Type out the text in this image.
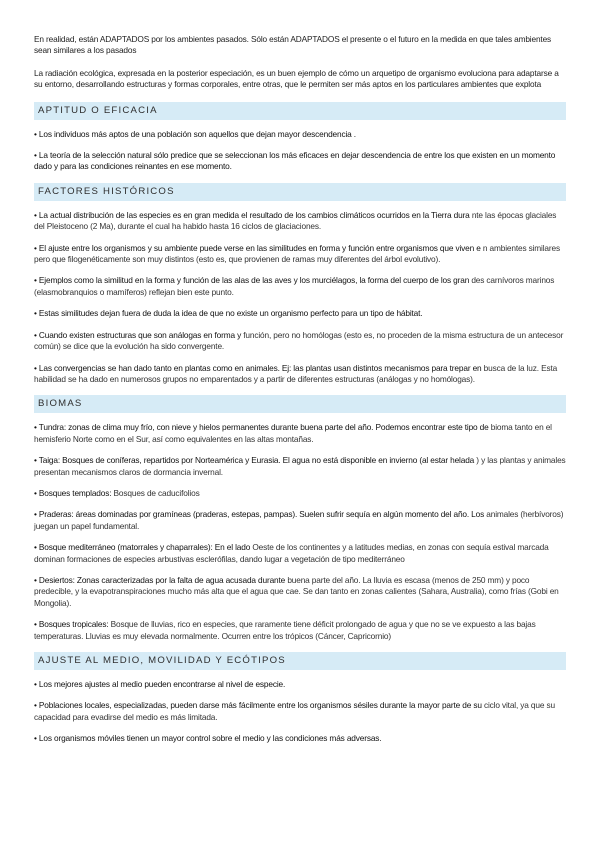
En realidad, están ADAPTADOS por los ambientes pasados. Sólo están ADAPTADOS el presente o el futuro en la medida en que tales ambientes sean similares a los pasados

La radiación ecológica, expresada en la posterior especiación, es un buen ejemplo de cómo un arquetipo de organismo evoluciona para adaptarse a su entorno, desarrollando estructuras y formas corporales, entre otras, que le permiten ser más aptos en los particulares ambientes que explota

APTITUD O EFICACIA

• Los individuos más aptos de una población son aquellos que dejan mayor descendencia .

• La teoría de la selección natural sólo predice que se seleccionan los más eficaces en dejar descendencia de entre los que existen en un momento dado y para las condiciones reinantes en ese momento.

FACTORES HISTÓRICOS

• La actual distribución de las especies es en gran medida el resultado de los cambios climáticos ocurridos en la Tierra dura nte las épocas glaciales del Pleistoceno (2 Ma), durante el cual ha habido hasta 16 ciclos de glaciaciones.

• El ajuste entre los organismos y su ambiente puede verse en las similitudes en forma y función entre organismos que viven e n ambientes similares pero que filogenéticamente son muy distintos (esto es, que provienen de ramas muy diferentes del árbol evolutivo).

• Ejemplos como la similitud en la forma y función de las alas de las aves y los murciélagos, la forma del cuerpo de los gran des carnívoros marinos (elasmobranquios o mamíferos) reflejan bien este punto.

• Estas similitudes dejan fuera de duda la idea de que no existe un organismo perfecto para un tipo de hábitat.

• Cuando existen estructuras que son análogas en forma y función, pero no homólogas (esto es, no proceden de la misma estructura de un antecesor común) se dice que la evolución ha sido convergente.

• Las convergencias se han dado tanto en plantas como en animales. Ej: las plantas usan distintos mecanismos para trepar en busca de la luz. Esta habilidad se ha dado en numerosos grupos no emparentados y a partir de diferentes estructuras (análogas y no homólogas).

BIOMAS

• Tundra: zonas de clima muy frío, con nieve y hielos permanentes durante buena parte del año. Podemos encontrar este tipo de bioma tanto en el hemisferio Norte como en el Sur, así como equivalentes en las altas montañas.

• Taiga: Bosques de coníferas, repartidos por Norteamérica y Eurasia. El agua no está disponible en invierno (al estar helada ) y las plantas y animales presentan mecanismos claros de dormancia invernal.

• Bosques templados: Bosques de caducifolios

• Praderas: áreas dominadas por gramíneas (praderas, estepas, pampas). Suelen sufrir sequía en algún momento del año. Los animales (herbívoros) juegan un papel fundamental.

• Bosque mediterráneo (matorrales y chaparrales): En el lado Oeste de los continentes y a latitudes medias, en zonas con sequía estival marcada dominan formaciones de especies arbustivas esclerófilas, dando lugar a vegetación de tipo mediterráneo

• Desiertos: Zonas caracterizadas por la falta de agua acusada durante buena parte del año. La lluvia es escasa (menos de 250 mm) y poco predecible, y la evapotranspiraciones mucho más alta que el agua que cae. Se dan tanto en zonas calientes (Sahara, Australia), como frías (Gobi en Mongolia).

• Bosques tropicales: Bosque de lluvias, rico en especies, que raramente tiene déficit prolongado de agua y que no se ve expuesto a las bajas temperaturas. Lluvias es muy elevada normalmente. Ocurren entre los trópicos (Cáncer, Capricornio)

AJUSTE AL MEDIO, MOVILIDAD Y ECÓTIPOS

• Los mejores ajustes al medio pueden encontrarse al nivel de especie.

• Poblaciones locales, especializadas, pueden darse más fácilmente entre los organismos sésiles durante la mayor parte de su ciclo vital, ya que su capacidad para evadirse del medio es más limitada.

• Los organismos móviles tienen un mayor control sobre el medio y las condiciones más adversas.
